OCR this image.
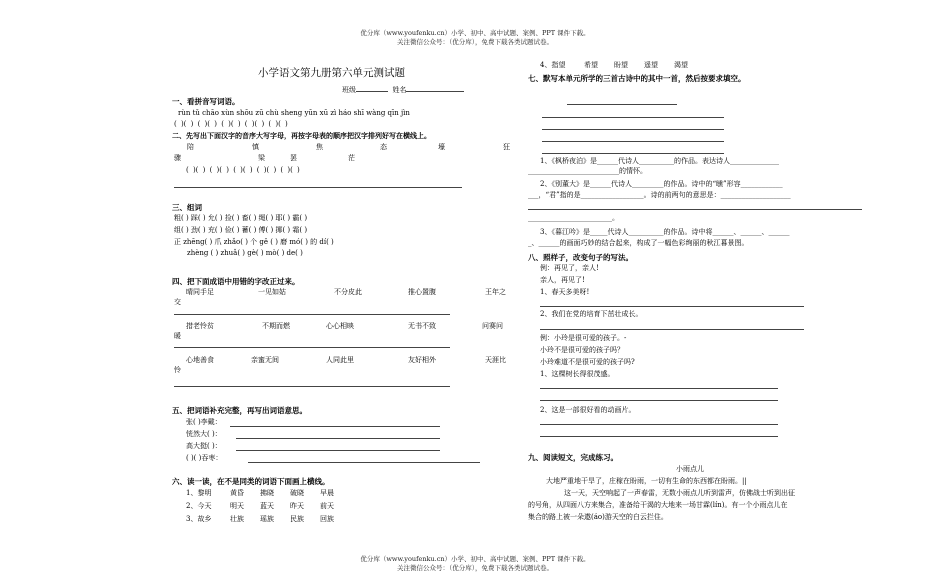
优分库（www.youfenku.cn）小学、初中、高中试题、案例、PPT 课件下载。
关注微信公众号：（优分库），免费下载各类试题试卷。
优分库（www.youfenku.cn）小学、初中、高中试题、案例、PPT 课件下载。
关注微信公众号：（优分库），免费下载各类试题试卷。
小学语文第九册第六单元测试题
班级	姓名
一、看拼音写词语。
rùn tǔ chāo xùn shōu zū chù sheng yūn xū zì háo shī wàng qīn jìn
( )( ) ( )( ) ( )( ) ( )( ) ( )( )
二、先写出下面汉字的音序大写字母，再按字母表的顺序把汉字排列好写在横线上。
陪	慎	焦	态	壕	狂
骤	梁	罢	茫
( )( ) ( )( ) ( )( ) ( )( ) ( )( )
三、组词
粗( ) 踩( ) 允( ) 捡( ) 畜( ) 绳( ) 耶( ) 霸( )
组( ) 劲( ) 充( ) 俭( ) 蓄( ) 傅( ) 揶( ) 霜( )
正 zhēng( ) 爪 zhǎo( ) 个 gě ( ) 磨 mó( ) 的 dí( )
zhèng ( ) zhuǎ( ) gè( ) mò( ) de( )
四、把下面成语中用错的字改正过来。
晴同手足	一见如姑	不分皮此	推心置腹	王年之
交
措老怜贫	不期而燃	心心相映	无书不致	问赛问
暖
心地善食	亲蜜无间	人同此里	友好相外	天涯比
怜
五、把词语补充完整，再写出词语意思。
张( )李戴：
恍然大( )：
高大挺( )：
( )( )吞枣：
六、读一读，在不是同类的词语下面画上横线。
1、黎明	黄昏 拂晓 破晓 早晨
2、今天	明天 蓝天 昨天 前天
3、故乡	壮族 瑶族 民族 回族
4、指望	希望 盼望 遥望 渴望
七、默写本单元所学的三首古诗中的其中一首，然后按要求填空。
1、《枫桥夜泊》是______代诗人__________的作品。表达诗人______________
__________________________的情怀。
2、《别董大》是______代诗人_________的作品。诗中的“曛”形容____________
___，“君”指的是__________________。诗的前两句的意思是：____________________
________________________。
3、《暮江吟》是_____代诗人__________的作品。诗中将______、______、______
_、______的画面巧妙的结合起来，构成了一幅色彩绚丽的秋江暮景图。
八、照样子，改变句子的写法。
例：再见了，亲人!
亲人，再见了!
1、春天多美呀!
2、我们在党的培育下茁壮成长。
例：小玲是很可爱的孩子。-
小玲不是很可爱的孩子吗？
小玲难道不是很可爱的孩子吗?
1、这棵树长得很茂盛。
2、这是一部很好看的动画片。
九、阅读短文，完成练习。
小雨点儿
大地严重地干旱了，庄稼在盼雨，一切有生命的东西都在盼雨。||
这一天，天空响起了一声春雷，无数小雨点儿听到雷声，仿佛战士听到出征
的号角，从四面八方来集合，准备给干渴的大地来一场甘霖(lín)。有一个小雨点儿在
集合的路上被一朵遨(áo)游天空的白云拦住。
